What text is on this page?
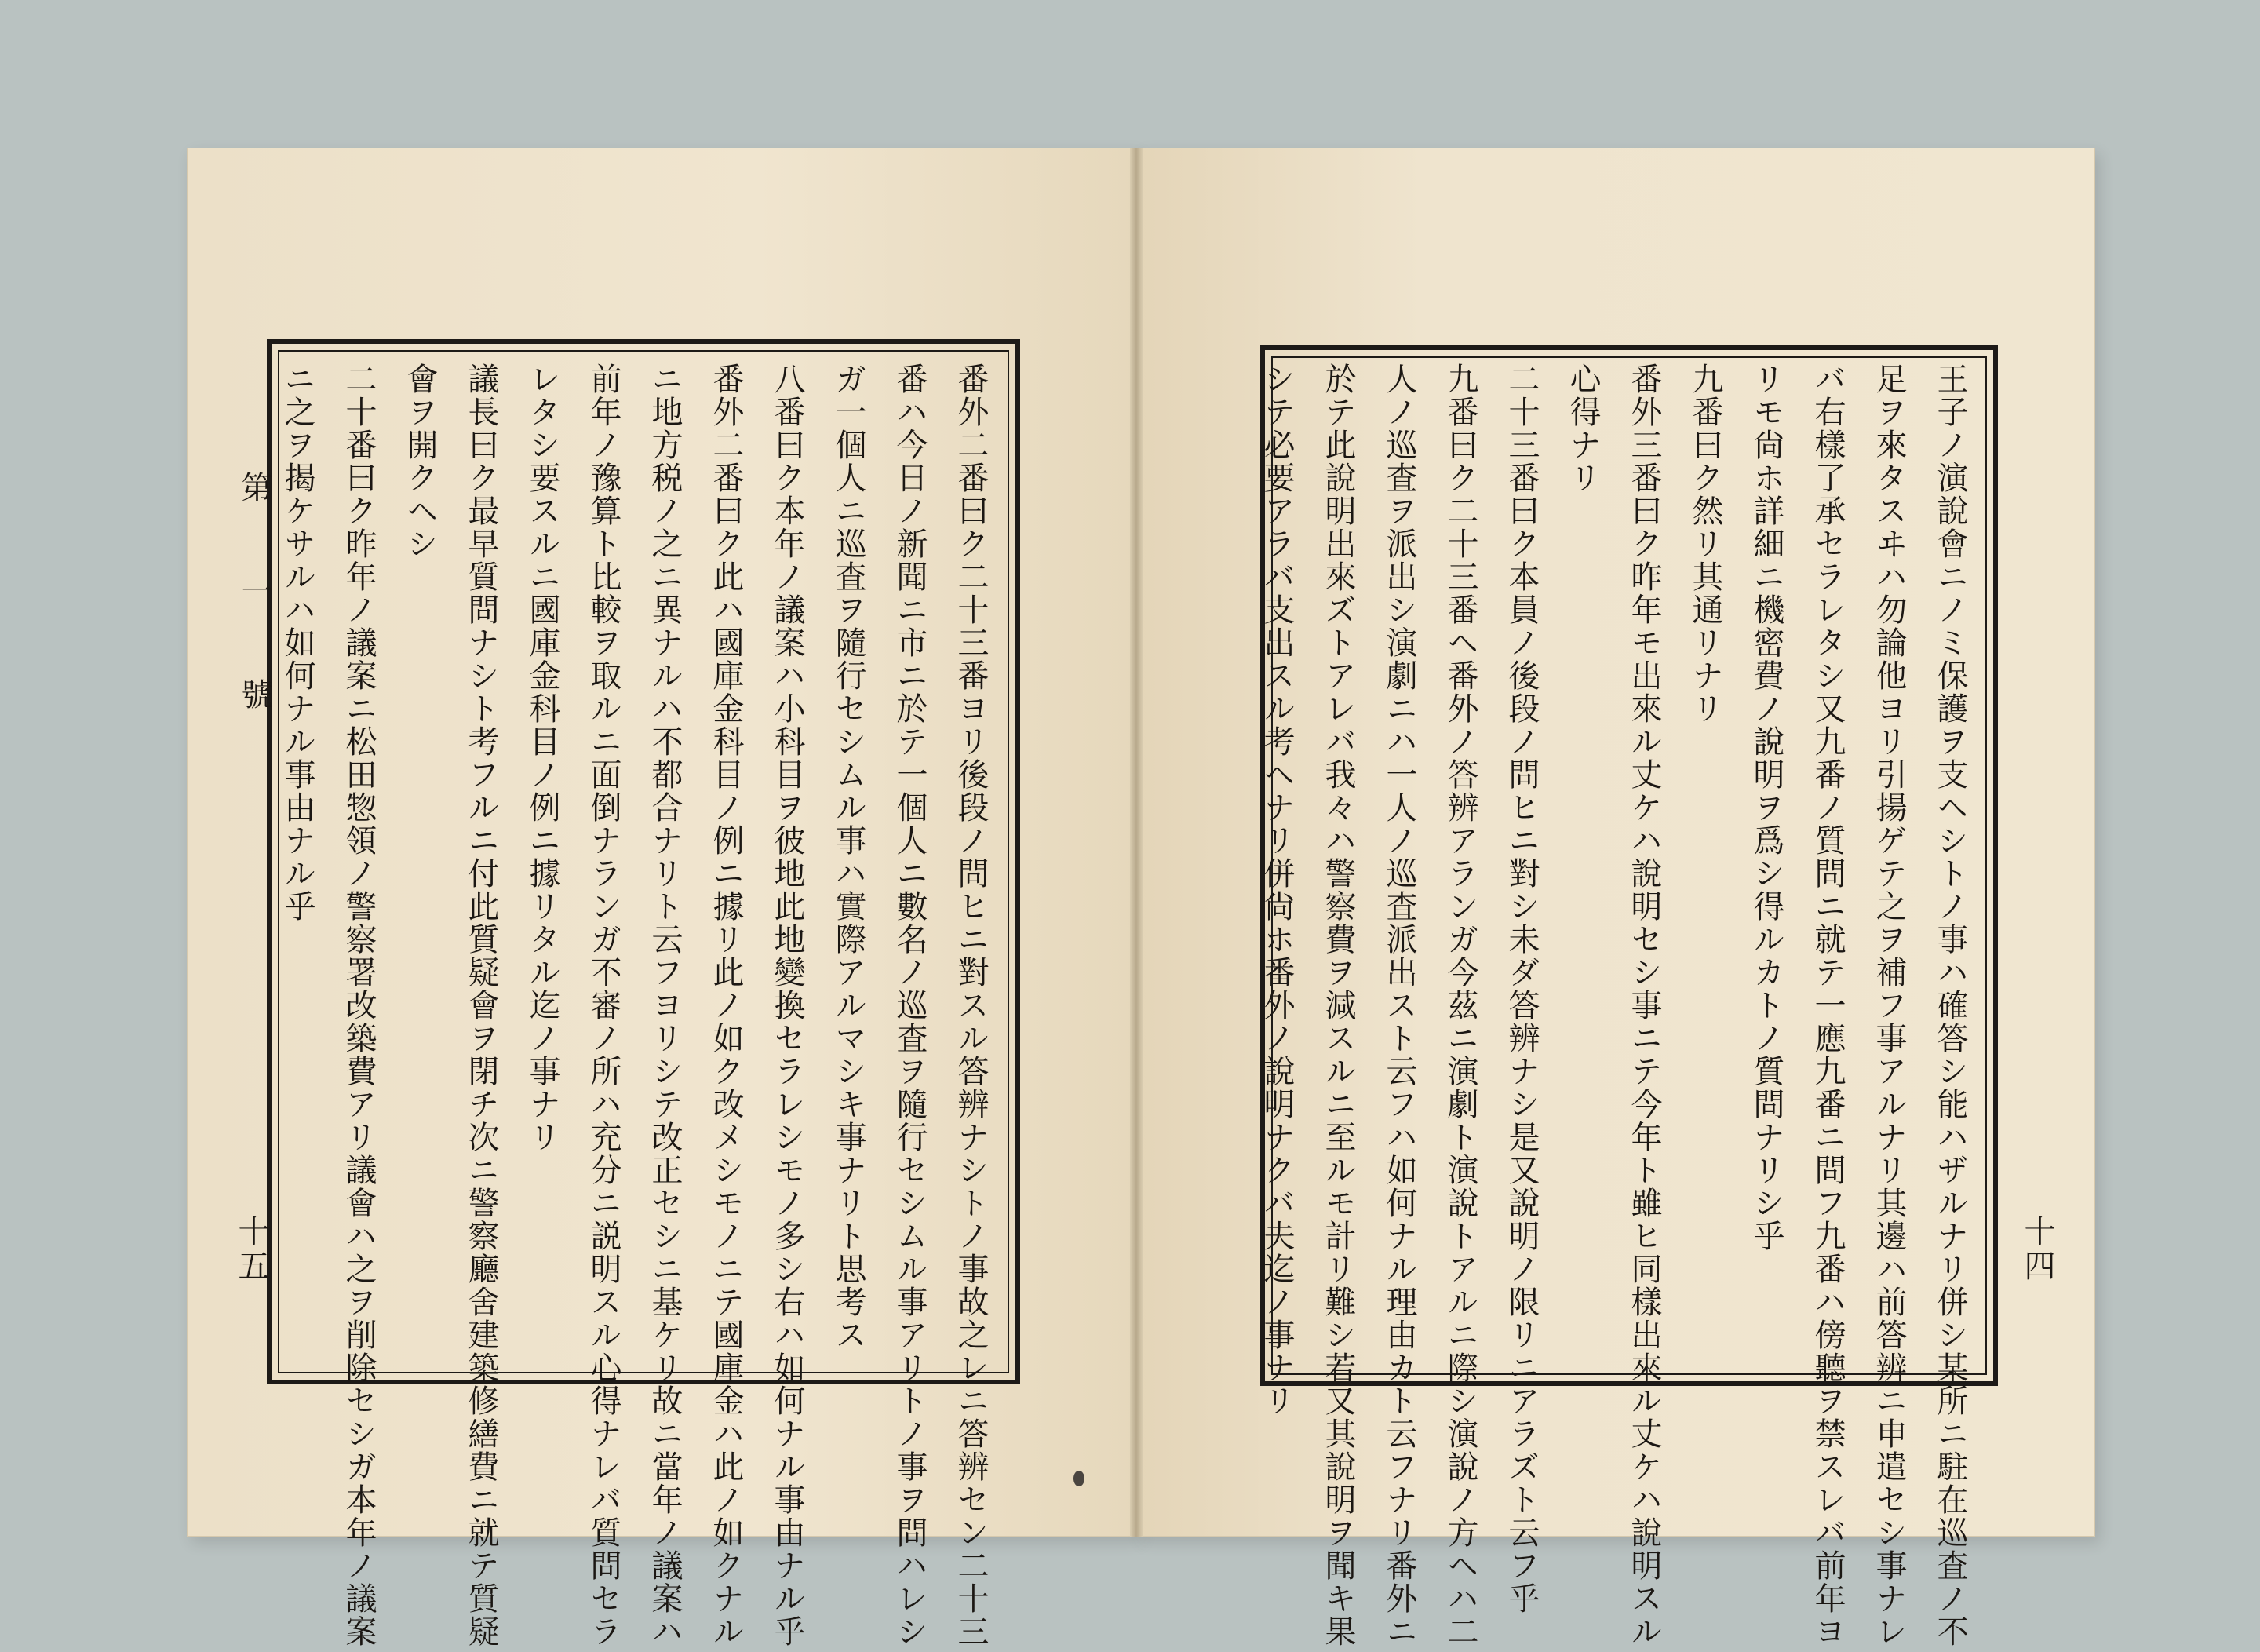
第　一　號
十五	十四
王子ノ演說會ニノミ保護ヲ支ヘシトノ事ハ確答シ能ハザルナリ併シ某所ニ駐在巡査ノ不
足ヲ來タスヰハ勿論他ヨリ引揚ゲテ之ヲ補フ事アルナリ其邊ハ前答辨ニ申遣セシ事ナレ
バ右樣了承セラレタシ又九番ノ質問ニ就テ一應九番ニ問フ九番ハ傍聽ヲ禁スレバ前年ヨ
リモ尙ホ詳細ニ機密費ノ說明ヲ爲シ得ルカトノ質問ナリシ乎
九番曰ク然リ其通リナリ
番外三番曰ク昨年モ出來ル丈ケハ說明セシ事ニテ今年ト雖ヒ同樣出來ル丈ケハ說明スル
心得ナリ
二十三番曰ク本員ノ後段ノ問ヒニ對シ未ダ答辨ナシ是又說明ノ限リニアラズト云フ乎
九番曰ク二十三番ヘ番外ノ答辨アランガ今茲ニ演劇ト演說トアルニ際シ演說ノ方ヘハ二
人ノ巡査ヲ派出シ演劇ニハ一人ノ巡査派出スト云フハ如何ナル理由カト云フナリ番外ニ
於テ此說明出來ズトアレバ我々ハ警察費ヲ減スルニ至ルモ計リ難シ若又其說明ヲ聞キ果
シテ必要アラバ支出スル考ヘナリ併尙ホ番外ノ說明ナクバ夫迄ノ事ナリ
番外二番曰ク二十三番ヨリ後段ノ問ヒニ對スル答辨ナシトノ事故之レニ答辨セン二十三
番ハ今日ノ新聞ニ市ニ於テ一個人ニ數名ノ巡査ヲ隨行セシムル事アリトノ事ヲ問ハレシ
ガ一個人ニ巡査ヲ隨行セシムル事ハ實際アルマシキ事ナリト思考ス
八番曰ク本年ノ議案ハ小科目ヲ彼地此地變換セラレシモノ多シ右ハ如何ナル事由ナル乎
番外二番曰ク此ハ國庫金科目ノ例ニ據リ此ノ如ク改メシモノニテ國庫金ハ此ノ如クナル
ニ地方税ノ之ニ異ナルハ不都合ナリト云フヨリシテ改正セシニ基ケリ故ニ當年ノ議案ハ
前年ノ豫算ト比較ヲ取ルニ面倒ナランガ不審ノ所ハ充分ニ説明スル心得ナレバ質問セラ
レタシ要スルニ國庫金科目ノ例ニ據リタル迄ノ事ナリ
議長曰ク最早質問ナシト考フルニ付此質疑會ヲ閉チ次ニ警察廳舍建築修繕費ニ就テ質疑
會ヲ開クヘシ
二十番曰ク昨年ノ議案ニ松田惣領ノ警察署改築費アリ議會ハ之ヲ削除セシガ本年ノ議案
ニ之ヲ揭ケサルハ如何ナル事由ナル乎
